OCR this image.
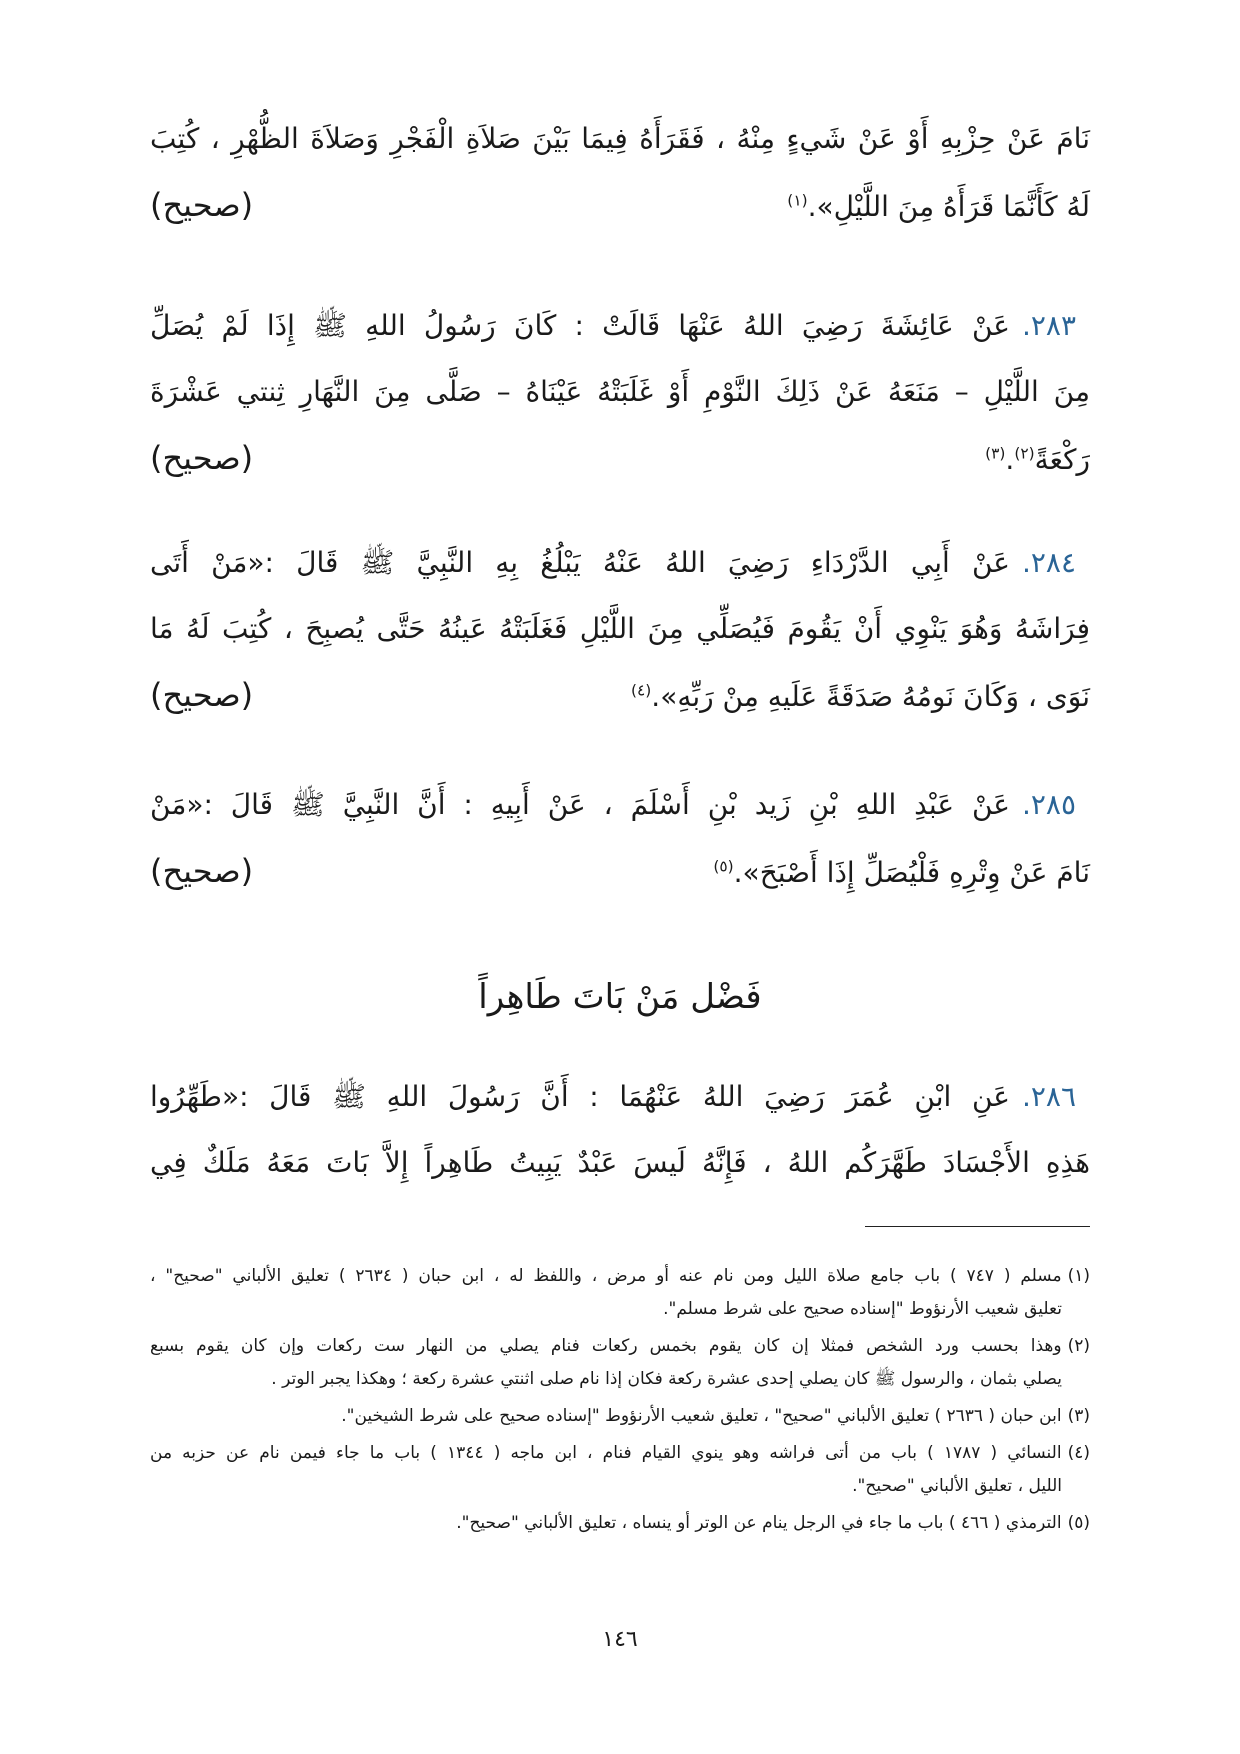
نَامَ عَنْ حِزْبِهِ أَوْ عَنْ شَيءٍ مِنْهُ ، فَقَرَأَهُ فِيمَا بَيْنَ صَلاَةِ الْفَجْرِ وَصَلاَةَ الظُّهْرِ ، كُتِبَ
لَهُ كَأَنَّمَا قَرَأَهُ مِنَ اللَّيْلِ».$^{(١)}$
(صحيح)
٢٨٣.عَنْ عَائِشَةَ رَضِيَ اللهُ عَنْهَا قَالَتْ : كَانَ رَسُولُ اللهِ ﷺ إِذَا لَمْ يُصَلِّ
مِنَ اللَّيْلِ – مَنَعَهُ عَنْ ذَلِكَ النَّوْمِ أَوْ غَلَبَتْهُ عَيْنَاهُ – صَلَّى مِنَ النَّهَارِ ثِنتي عَشْرَةَ
رَكْعَةً$^{(٢)}$.$^{(٣)}$
(صحيح)
٢٨٤.عَنْ أَبِي الدَّرْدَاءِ رَضِيَ اللهُ عَنْهُ يَبْلُغُ بِهِ النَّبِيَّ ﷺ قَالَ :«مَنْ أَتَى
فِرَاشَهُ وَهُوَ يَنْوِي أَنْ يَقُومَ فَيُصَلِّي مِنَ اللَّيْلِ فَغَلَبَتْهُ عَينُهُ حَتَّى يُصبِحَ ، كُتِبَ لَهُ مَا
نَوَى ، وَكَانَ نَومُهُ صَدَقَةً عَلَيهِ مِنْ رَبِّهِ».$^{(٤)}$
(صحيح)
٢٨٥.عَنْ عَبْدِ اللهِ بْنِ زَيد بْنِ أَسْلَمَ ، عَنْ أَبِيهِ : أَنَّ النَّبِيَّ ﷺ قَالَ :«مَنْ
نَامَ عَنْ وِتْرِهِ فَلْيُصَلِّ إِذَا أَصْبَحَ».$^{(٥)}$
(صحيح)
فَضْل مَنْ بَاتَ طَاهِراً
٢٨٦.عَنِ ابْنِ عُمَرَ رَضِيَ اللهُ عَنْهُمَا : أَنَّ رَسُولَ اللهِ ﷺ قَالَ :«طَهِّرُوا
هَذِهِ الأَجْسَادَ طَهَّرَكُم اللهُ ، فَإِنَّهُ لَيسَ عَبْدٌ يَبِيتُ طَاهِراً إِلاَّ بَاتَ مَعَهُ مَلَكٌ فِي
(١)مسلم ( ٧٤٧ ) باب جامع صلاة الليل ومن نام عنه أو مرض ، واللفظ له ، ابن حبان ( ٢٦٣٤ ) تعليق الألباني "صحيح" ،
تعليق شعيب الأرنؤوط "إسناده صحيح على شرط مسلم".
(٢)وهذا بحسب ورد الشخص فمثلا إن كان يقوم بخمس ركعات فنام يصلي من النهار ست ركعات وإن كان يقوم بسبع
يصلي بثمان ، والرسول ﷺ كان يصلي إحدى عشرة ركعة فكان إذا نام صلى اثنتي عشرة ركعة ؛ وهكذا يجبر الوتر .
(٣)ابن حبان ( ٢٦٣٦ ) تعليق الألباني "صحيح" ، تعليق شعيب الأرنؤوط "إسناده صحيح على شرط الشيخين".
(٤)النسائي ( ١٧٨٧ ) باب من أتى فراشه وهو ينوي القيام فنام ، ابن ماجه ( ١٣٤٤ ) باب ما جاء فيمن نام عن حزبه من
الليل ، تعليق الألباني "صحيح".
(٥)الترمذي ( ٤٦٦ ) باب ما جاء في الرجل ينام عن الوتر أو ينساه ، تعليق الألباني "صحيح".
١٤٦
